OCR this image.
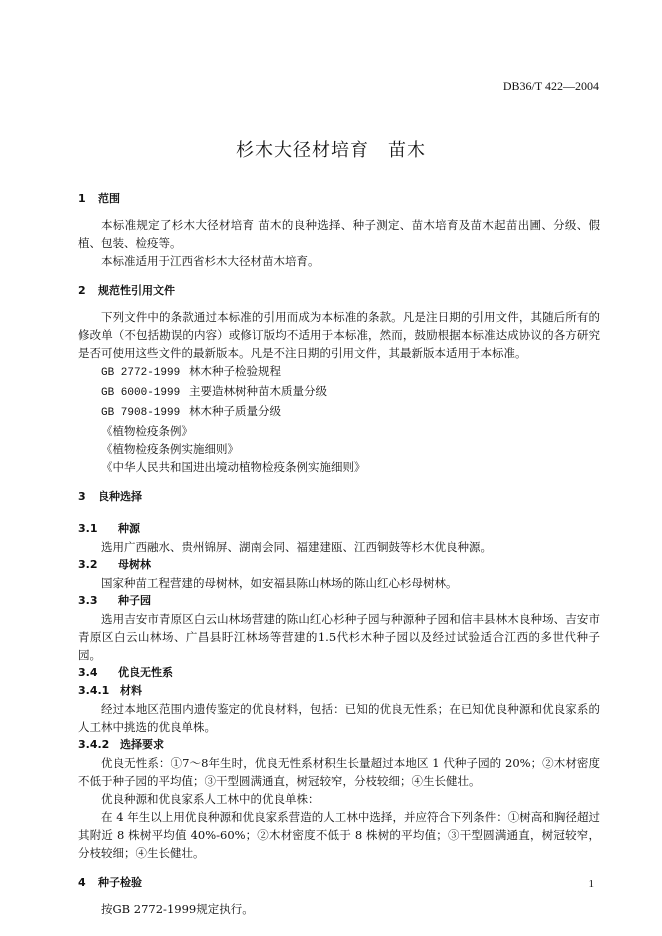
DB36/T 422—2004
杉木大径材培育　苗木
1 范围

本标准规定了杉木大径材培育 苗木的良种选择、种子测定、苗木培育及苗木起苗出圃、分级、假植、包装、检疫等。

本标准适用于江西省杉木大径材苗木培育。

2 规范性引用文件

下列文件中的条款通过本标准的引用而成为本标准的条款。凡是注日期的引用文件，其随后所有的修改单（不包括勘误的内容）或修订版均不适用于本标准，然而，鼓励根据本标准达成协议的各方研究是否可使用这些文件的最新版本。凡是不注日期的引用文件，其最新版本适用于本标准。

GB 2772-1999 林木种子检验规程
GB 6000-1999 主要造林树种苗木质量分级
GB 7908-1999 林木种子质量分级
《植物检疫条例》
《植物检疫条例实施细则》
《中华人民共和国进出境动植物检疫条例实施细则》
3 良种选择
3.1 种源

选用广西融水、贵州锦屏、湖南会同、福建建瓯、江西铜鼓等杉木优良种源。

3.2 母树林

国家种苗工程营建的母树林，如安福县陈山林场的陈山红心杉母树林。

3.3 种子园

选用吉安市青原区白云山林场营建的陈山红心杉种子园与种源种子园和信丰县林木良种场、吉安市青原区白云山林场、广昌县盱江林场等营建的1.5代杉木种子园以及经过试验适合江西的多世代种子园。

3.4 优良无性系
3.4.1 材料

经过本地区范围内遗传鉴定的优良材料，包括：已知的优良无性系；在已知优良种源和优良家系的人工林中挑选的优良单株。

3.4.2 选择要求

优良无性系：①7～8年生时，优良无性系材积生长量超过本地区 1 代种子园的 20%；②木材密度不低于种子园的平均值；③干型圆满通直，树冠较窄，分枝较细；④生长健壮。

优良种源和优良家系人工林中的优良单株：

在 4 年生以上用优良种源和优良家系营造的人工林中选择，并应符合下列条件：①树高和胸径超过其附近 8 株树平均值 40%-60%；②木材密度不低于 8 株树的平均值；③干型圆满通直，树冠较窄，分枝较细；④生长健壮。

4 种子检验

按GB 2772-1999规定执行。

1
